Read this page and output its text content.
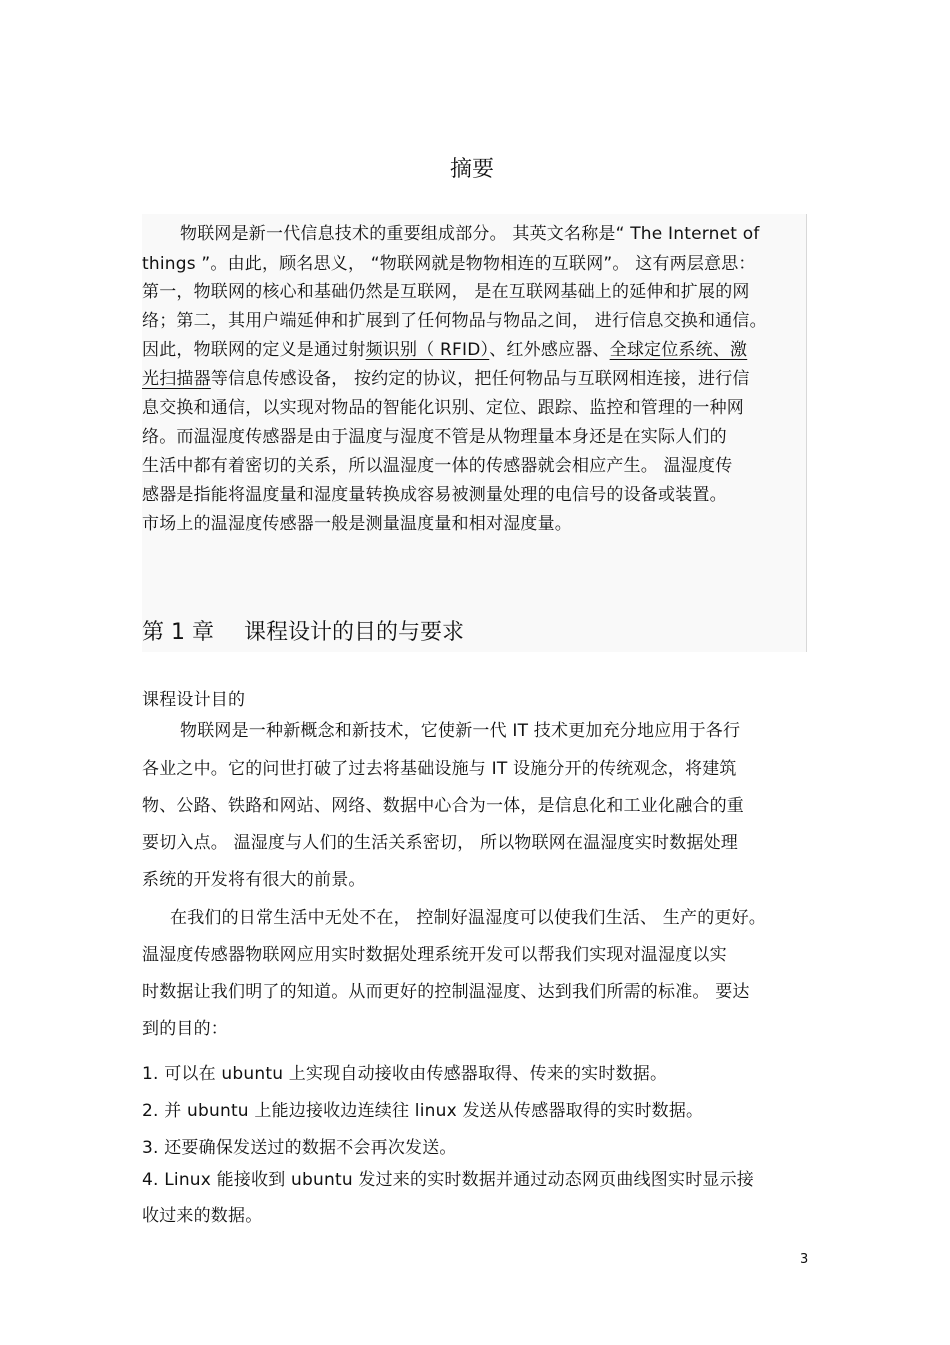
摘要
物联网是新一代信息技术的重要组成部分。 其英文名称是“ The Internet of
things ”。由此，顾名思义， “物联网就是物物相连的互联网”。 这有两层意思：
第一，物联网的核心和基础仍然是互联网， 是在互联网基础上的延伸和扩展的网
络；第二，其用户端延伸和扩展到了任何物品与物品之间， 进行信息交换和通信。
因此，物联网的定义是通过射频识别（ RFID）、红外感应器、全球定位系统、激
光扫描器等信息传感设备， 按约定的协议，把任何物品与互联网相连接，进行信
息交换和通信，以实现对物品的智能化识别、定位、跟踪、监控和管理的一种网
络。而温湿度传感器是由于温度与湿度不管是从物理量本身还是在实际人们的
生活中都有着密切的关系，所以温湿度一体的传感器就会相应产生。 温湿度传
感器是指能将温度量和湿度量转换成容易被测量处理的电信号的设备或装置。
市场上的温湿度传感器一般是测量温度量和相对湿度量。
第 1 章 课程设计的目的与要求
课程设计目的
物联网是一种新概念和新技术，它使新一代 IT 技术更加充分地应用于各行
各业之中。它的问世打破了过去将基础设施与 IT 设施分开的传统观念，将建筑
物、公路、铁路和网站、网络、数据中心合为一体，是信息化和工业化融合的重
要切入点。 温湿度与人们的生活关系密切， 所以物联网在温湿度实时数据处理
系统的开发将有很大的前景。
在我们的日常生活中无处不在， 控制好温湿度可以使我们生活、 生产的更好。
温湿度传感器物联网应用实时数据处理系统开发可以帮我们实现对温湿度以实
时数据让我们明了的知道。从而更好的控制温湿度、达到我们所需的标准。 要达
到的目的：
1. 可以在 ubuntu 上实现自动接收由传感器取得、传来的实时数据。
2. 并 ubuntu 上能边接收边连续往 linux 发送从传感器取得的实时数据。
3. 还要确保发送过的数据不会再次发送。
4. Linux 能接收到 ubuntu 发过来的实时数据并通过动态网页曲线图实时显示接
收过来的数据。
3
